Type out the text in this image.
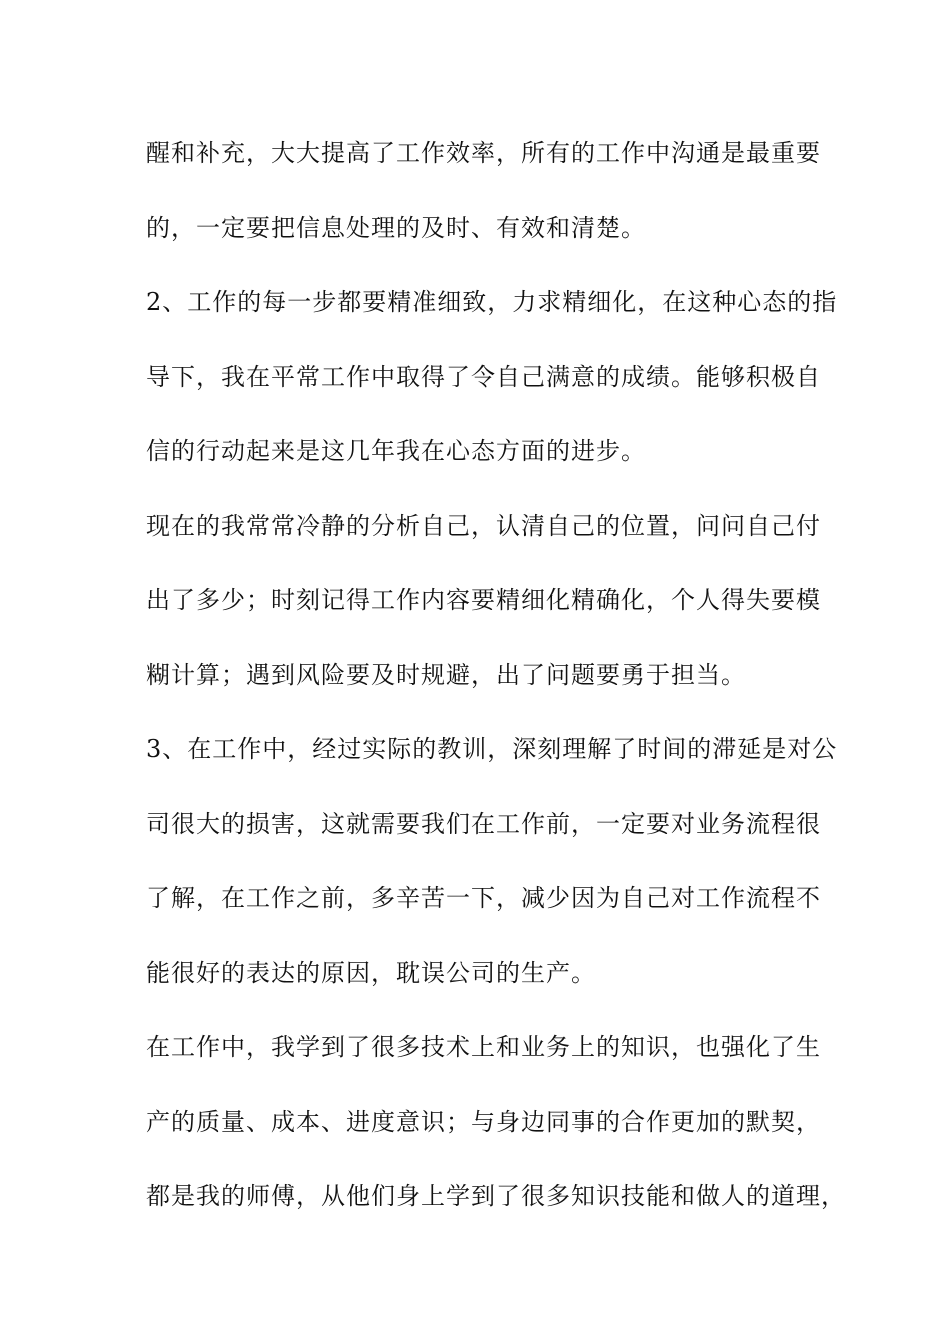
醒和补充，大大提高了工作效率，所有的工作中沟通是最重要
的，一定要把信息处理的及时、有效和清楚。
2、工作的每一步都要精准细致，力求精细化，在这种心态的指
导下，我在平常工作中取得了令自己满意的成绩。能够积极自
信的行动起来是这几年我在心态方面的进步。
现在的我常常冷静的分析自己，认清自己的位置，问问自己付
出了多少；时刻记得工作内容要精细化精确化，个人得失要模
糊计算；遇到风险要及时规避，出了问题要勇于担当。
3、在工作中，经过实际的教训，深刻理解了时间的滞延是对公
司很大的损害，这就需要我们在工作前，一定要对业务流程很
了解，在工作之前，多辛苦一下，减少因为自己对工作流程不
能很好的表达的原因，耽误公司的生产。
在工作中，我学到了很多技术上和业务上的知识，也强化了生
产的质量、成本、进度意识；与身边同事的合作更加的默契，
都是我的师傅，从他们身上学到了很多知识技能和做人的道理，
